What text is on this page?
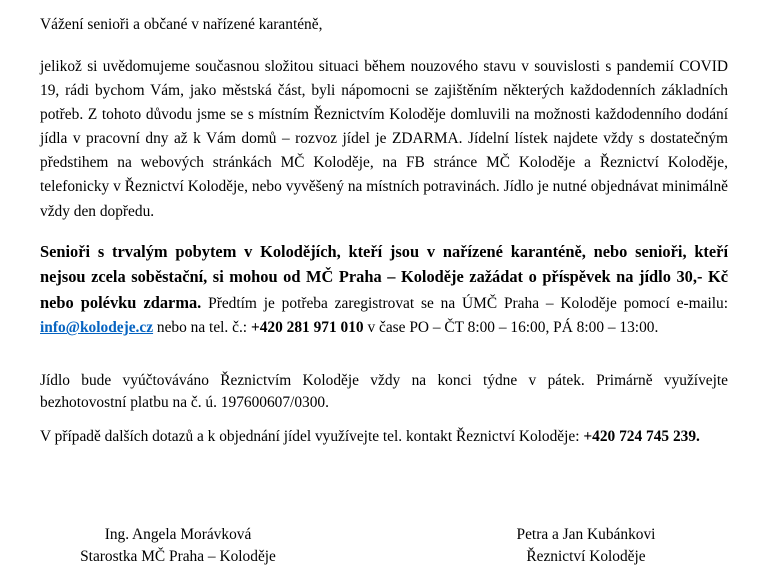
Vážení senioři a občané v nařízené karanténě,
jelikož si uvědomujeme současnou složitou situaci během nouzového stavu v souvislosti s pandemií COVID 19, rádi bychom Vám, jako městská část, byli nápomocni se zajištěním některých každodenních základních potřeb. Z tohoto důvodu jsme se s místním Řeznictvím Koloděje domluvili na možnosti každodenního dodání jídla v pracovní dny až k Vám domů – rozvoz jídel je ZDARMA. Jídelní lístek najdete vždy s dostatečným předstihem na webových stránkách MČ Koloděje, na FB stránce MČ Koloděje a Řeznictví Koloděje, telefonicky v Řeznictví Koloděje, nebo vyvěšený na místních potravinách. Jídlo je nutné objednávat minimálně vždy den dopředu.
Senioři s trvalým pobytem v Kolodějích, kteří jsou v nařízené karanténě, nebo senioři, kteří nejsou zcela soběstační, si mohou od MČ Praha – Koloděje zažádat o příspěvek na jídlo 30,- Kč nebo polévku zdarma. Předtím je potřeba zaregistrovat se na ÚMČ Praha – Koloděje pomocí e-mailu: info@kolodeje.cz nebo na tel. č.: +420 281 971 010 v čase PO – ČT 8:00 – 16:00, PÁ 8:00 – 13:00.
Jídlo bude vyúčtováváno Řeznictvím Koloděje vždy na konci týdne v pátek. Primárně využívejte bezhotovostní platbu na č. ú. 197600607/0300.
V případě dalších dotazů a k objednání jídel využívejte tel. kontakt Řeznictví Koloděje: +420 724 745 239.
Ing. Angela Morávková
Starostka MČ Praha – Koloděje
Petra a Jan Kubánkovi
Řeznictví Koloděje
